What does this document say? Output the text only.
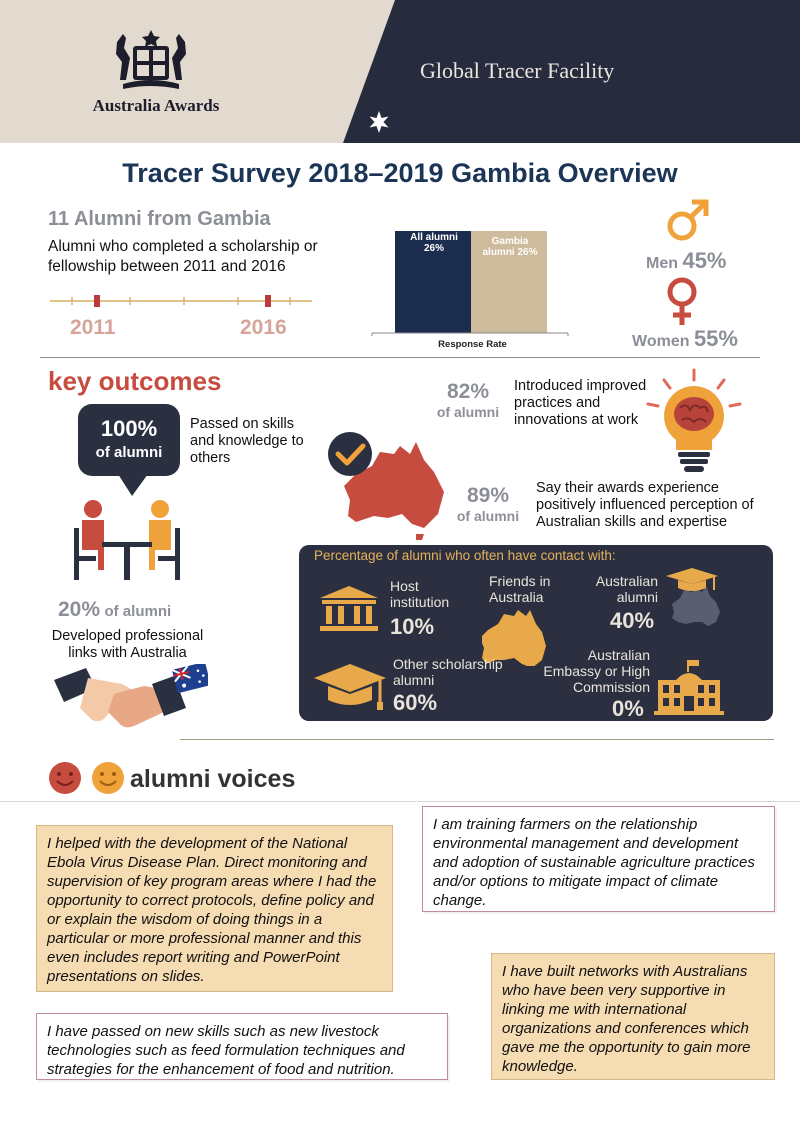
Australia Awards
Global Tracer Facility
Tracer Survey 2018–2019 Gambia Overview
11 Alumni from Gambia
Alumni who completed a scholarship or fellowship between 2011 and 2016
2011	2016
All alumni 26%
Gambia alumni 26%
Response Rate
Men 45%
Women 55%
key outcomes
100%
of alumni
Passed on skills and knowledge to others
20% of alumni
Developed professional links with Australia
82%
of alumni
Introduced improved practices and innovations at work
89%
of alumni
Say their awards experience positively influenced perception of Australian skills and expertise
Percentage of alumni who often have contact with:
Host institution
10%
Friends in Australia
20%
Australian alumni
40%
Other scholarship alumni
60%
Australian Embassy or High Commission
0%
alumni voices
I helped with the development of the National Ebola Virus Disease Plan. Direct monitoring and supervision of key program areas where I had the opportunity to correct protocols, define policy and or explain the wisdom of doing things in a particular or more professional manner and this even includes report writing and PowerPoint presentations on slides.
I am training farmers on the relationship environmental management and development and adoption of sustainable agriculture practices and/or options to mitigate impact of climate change.
I have passed on new skills such as new livestock technologies such as feed formulation techniques and strategies for the enhancement of food and nutrition.
I have built networks with Australians who have been very supportive in linking me with international organizations and conferences which gave me the opportunity to gain more knowledge.
